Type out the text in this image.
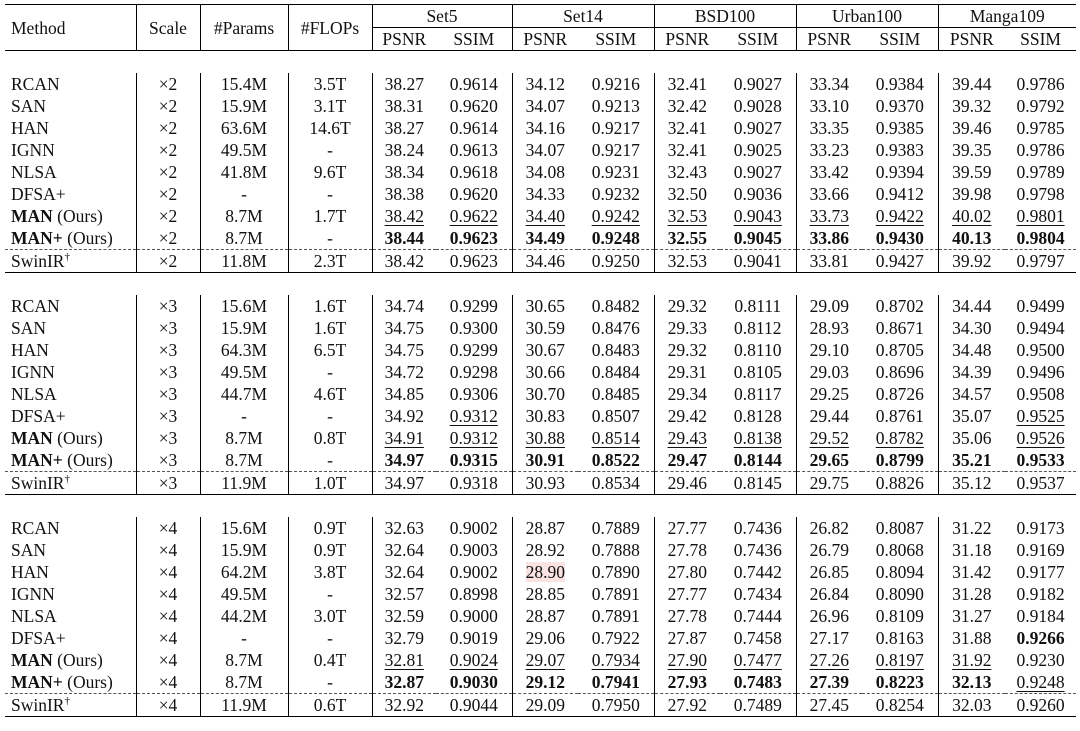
Method	Scale	#Params	#FLOPs	Set5		Set14		BSD100		Urban100		Manga109	
				PSNR	SSIM	PSNR	SSIM	PSNR	SSIM	PSNR	SSIM	PSNR	SSIM

RCAN	×2	15.4M	3.5T	38.27	0.9614	34.12	0.9216	32.41	0.9027	33.34	0.9384	39.44	0.9786
SAN	×2	15.9M	3.1T	38.31	0.9620	34.07	0.9213	32.42	0.9028	33.10	0.9370	39.32	0.9792
HAN	×2	63.6M	14.6T	38.27	0.9614	34.16	0.9217	32.41	0.9027	33.35	0.9385	39.46	0.9785
IGNN	×2	49.5M	-	38.24	0.9613	34.07	0.9217	32.41	0.9025	33.23	0.9383	39.35	0.9786
NLSA	×2	41.8M	9.6T	38.34	0.9618	34.08	0.9231	32.43	0.9027	33.42	0.9394	39.59	0.9789
DFSA+	×2	-	-	38.38	0.9620	34.33	0.9232	32.50	0.9036	33.66	0.9412	39.98	0.9798
MAN (Ours)	×2	8.7M	1.7T	38.42	0.9622	34.40	0.9242	32.53	0.9043	33.73	0.9422	40.02	0.9801
MAN+ (Ours)	×2	8.7M	-	38.44	0.9623	34.49	0.9248	32.55	0.9045	33.86	0.9430	40.13	0.9804
SwinIR†	×2	11.8M	2.3T	38.42	0.9623	34.46	0.9250	32.53	0.9041	33.81	0.9427	39.92	0.9797

RCAN	×3	15.6M	1.6T	34.74	0.9299	30.65	0.8482	29.32	0.8111	29.09	0.8702	34.44	0.9499
SAN	×3	15.9M	1.6T	34.75	0.9300	30.59	0.8476	29.33	0.8112	28.93	0.8671	34.30	0.9494
HAN	×3	64.3M	6.5T	34.75	0.9299	30.67	0.8483	29.32	0.8110	29.10	0.8705	34.48	0.9500
IGNN	×3	49.5M	-	34.72	0.9298	30.66	0.8484	29.31	0.8105	29.03	0.8696	34.39	0.9496
NLSA	×3	44.7M	4.6T	34.85	0.9306	30.70	0.8485	29.34	0.8117	29.25	0.8726	34.57	0.9508
DFSA+	×3	-	-	34.92	0.9312	30.83	0.8507	29.42	0.8128	29.44	0.8761	35.07	0.9525
MAN (Ours)	×3	8.7M	0.8T	34.91	0.9312	30.88	0.8514	29.43	0.8138	29.52	0.8782	35.06	0.9526
MAN+ (Ours)	×3	8.7M	-	34.97	0.9315	30.91	0.8522	29.47	0.8144	29.65	0.8799	35.21	0.9533
SwinIR†	×3	11.9M	1.0T	34.97	0.9318	30.93	0.8534	29.46	0.8145	29.75	0.8826	35.12	0.9537

RCAN	×4	15.6M	0.9T	32.63	0.9002	28.87	0.7889	27.77	0.7436	26.82	0.8087	31.22	0.9173
SAN	×4	15.9M	0.9T	32.64	0.9003	28.92	0.7888	27.78	0.7436	26.79	0.8068	31.18	0.9169
HAN	×4	64.2M	3.8T	32.64	0.9002	28.90	0.7890	27.80	0.7442	26.85	0.8094	31.42	0.9177
IGNN	×4	49.5M	-	32.57	0.8998	28.85	0.7891	27.77	0.7434	26.84	0.8090	31.28	0.9182
NLSA	×4	44.2M	3.0T	32.59	0.9000	28.87	0.7891	27.78	0.7444	26.96	0.8109	31.27	0.9184
DFSA+	×4	-	-	32.79	0.9019	29.06	0.7922	27.87	0.7458	27.17	0.8163	31.88	0.9266
MAN (Ours)	×4	8.7M	0.4T	32.81	0.9024	29.07	0.7934	27.90	0.7477	27.26	0.8197	31.92	0.9230
MAN+ (Ours)	×4	8.7M	-	32.87	0.9030	29.12	0.7941	27.93	0.7483	27.39	0.8223	32.13	0.9248
SwinIR†	×4	11.9M	0.6T	32.92	0.9044	29.09	0.7950	27.92	0.7489	27.45	0.8254	32.03	0.9260
